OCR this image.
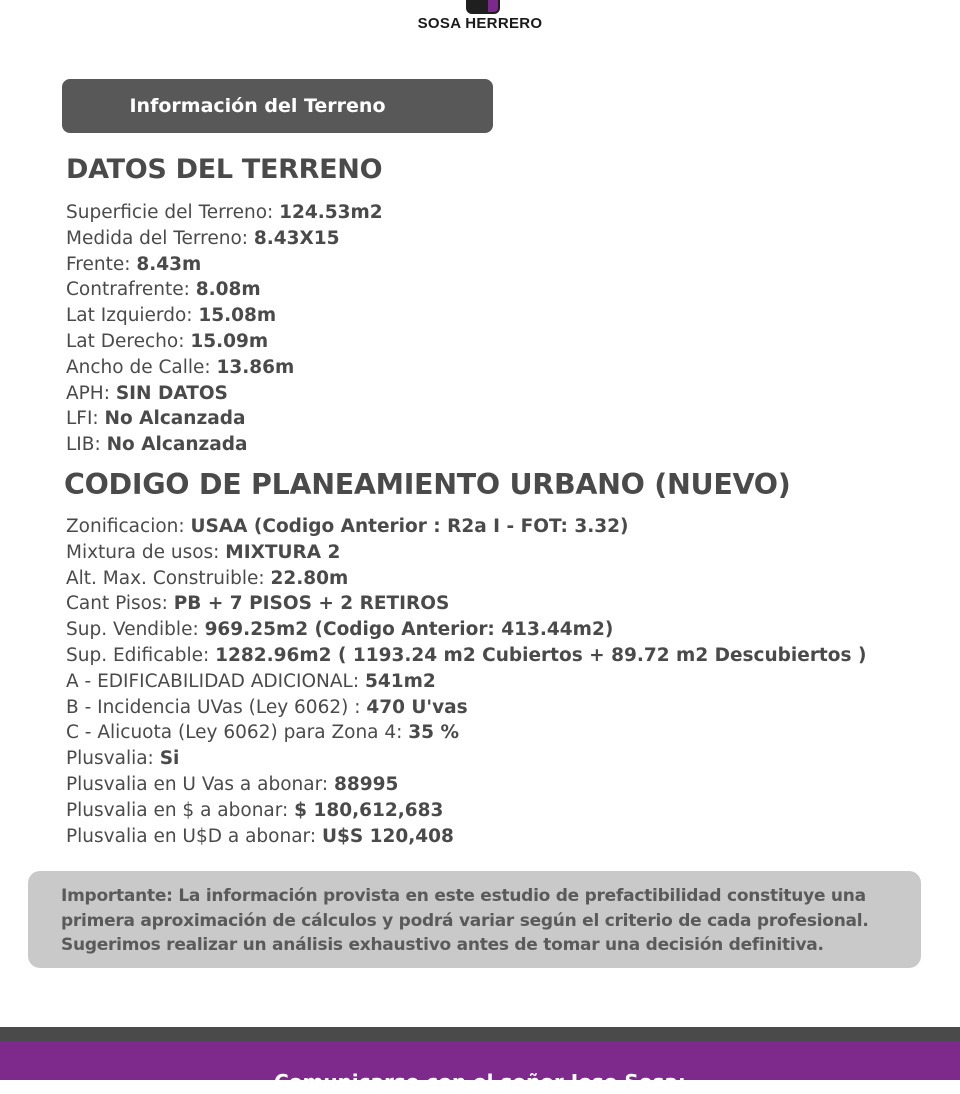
SOSA HERRERO
Información del Terreno
DATOS DEL TERRENO
Superficie del Terreno: 124.53m2
Medida del Terreno: 8.43X15
Frente: 8.43m
Contrafrente: 8.08m
Lat Izquierdo: 15.08m
Lat Derecho: 15.09m
Ancho de Calle: 13.86m
APH: SIN DATOS
LFI: No Alcanzada
LIB: No Alcanzada
CODIGO DE PLANEAMIENTO URBANO (NUEVO)
Zonificacion: USAA (Codigo Anterior : R2a I - FOT: 3.32)
Mixtura de usos: MIXTURA 2
Alt. Max. Construible: 22.80m
Cant Pisos: PB + 7 PISOS + 2 RETIROS
Sup. Vendible: 969.25m2 (Codigo Anterior: 413.44m2)
Sup. Edificable: 1282.96m2 ( 1193.24 m2 Cubiertos + 89.72 m2 Descubiertos )
A - EDIFICABILIDAD ADICIONAL: 541m2
B - Incidencia UVas (Ley 6062) : 470 U'vas
C - Alicuota (Ley 6062) para Zona 4: 35 %
Plusvalia: Si
Plusvalia en U Vas a abonar: 88995
Plusvalia en $ a abonar: $ 180,612,683
Plusvalia en U$D a abonar: U$S 120,408
Importante: La información provista en este estudio de prefactibilidad constituye una
primera aproximación de cálculos y podrá variar según el criterio de cada profesional.
Sugerimos realizar un análisis exhaustivo antes de tomar una decisión definitiva.
Comunicarse con el señor Jose Sosa:
